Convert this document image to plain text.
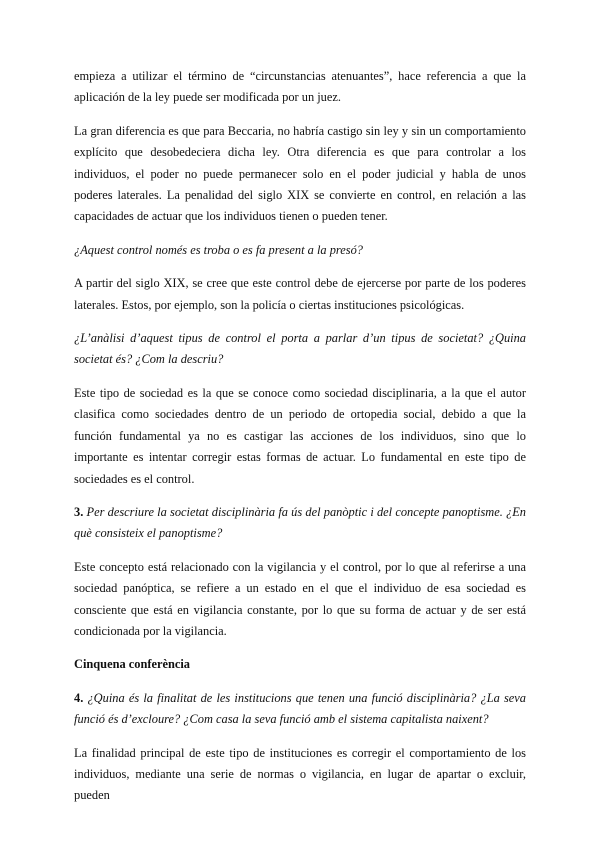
empieza a utilizar el término de “circunstancias atenuantes”, hace referencia a que la aplicación de la ley puede ser modificada por un juez.

La gran diferencia es que para Beccaria, no habría castigo sin ley y sin un comportamiento explícito que desobedeciera dicha ley. Otra diferencia es que para controlar a los individuos, el poder no puede permanecer solo en el poder judicial y habla de unos poderes laterales. La penalidad del siglo XIX se convierte en control, en relación a las capacidades de actuar que los individuos tienen o pueden tener.

¿Aquest control només es troba o es fa present a la presó?

A partir del siglo XIX, se cree que este control debe de ejercerse por parte de los poderes laterales. Estos, por ejemplo, son la policía o ciertas instituciones psicológicas.

¿L’anàlisi d’aquest tipus de control el porta a parlar d’un tipus de societat? ¿Quina societat és? ¿Com la descriu?

Este tipo de sociedad es la que se conoce como sociedad disciplinaria, a la que el autor clasifica como sociedades dentro de un periodo de ortopedia social, debido a que la función fundamental ya no es castigar las acciones de los individuos, sino que lo importante es intentar corregir estas formas de actuar. Lo fundamental en este tipo de sociedades es el control.

3. Per descriure la societat disciplinària fa ús del panòptic i del concepte panoptisme. ¿En què consisteix el panoptisme?

Este concepto está relacionado con la vigilancia y el control, por lo que al referirse a una sociedad panóptica, se refiere a un estado en el que el individuo de esa sociedad es consciente que está en vigilancia constante, por lo que su forma de actuar y de ser está condicionada por la vigilancia.

Cinquena conferència

4. ¿Quina és la finalitat de les institucions que tenen una funció disciplinària? ¿La seva funció és d’excloure? ¿Com casa la seva funció amb el sistema capitalista naixent?

La finalidad principal de este tipo de instituciones es corregir el comportamiento de los individuos, mediante una serie de normas o vigilancia, en lugar de apartar o excluir, pueden
